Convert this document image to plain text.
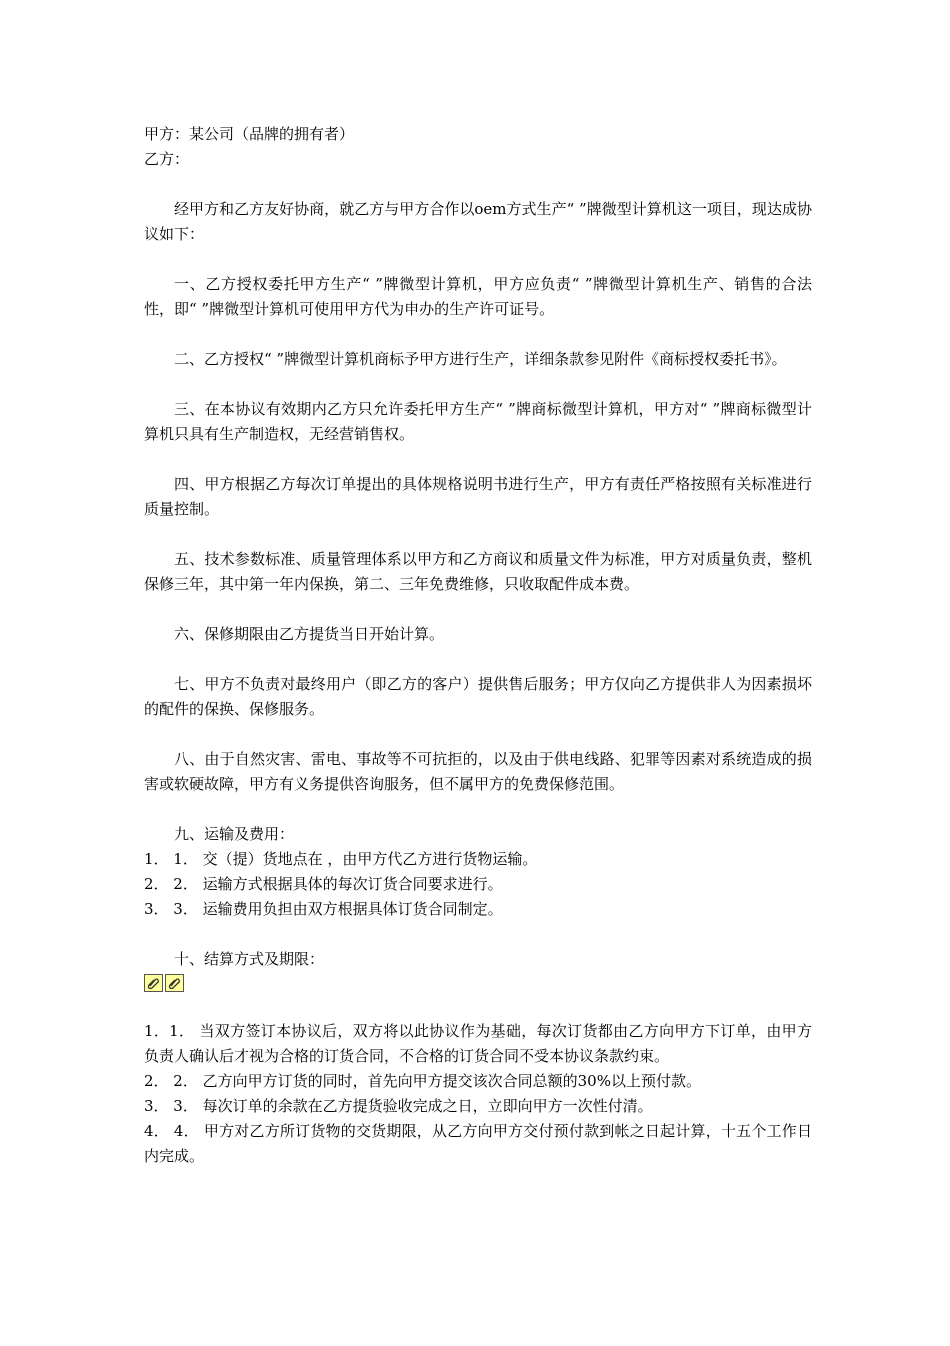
甲方：某公司（品牌的拥有者）
乙方：
经甲方和乙方友好协商，就乙方与甲方合作以oem方式生产“ ”牌微型计算机这一项目，现达成协议如下：
一、乙方授权委托甲方生产“ ”牌微型计算机，甲方应负责“ ”牌微型计算机生产、销售的合法性，即“ ”牌微型计算机可使用甲方代为申办的生产许可证号。
二、乙方授权“ ”牌微型计算机商标予甲方进行生产，详细条款参见附件《商标授权委托书》。
三、在本协议有效期内乙方只允许委托甲方生产“ ”牌商标微型计算机，甲方对“ ”牌商标微型计算机只具有生产制造权，无经营销售权。
四、甲方根据乙方每次订单提出的具体规格说明书进行生产，甲方有责任严格按照有关标准进行质量控制。
五、技术参数标准、质量管理体系以甲方和乙方商议和质量文件为标准，甲方对质量负责，整机保修三年，其中第一年内保换，第二、三年免费维修，只收取配件成本费。
六、保修期限由乙方提货当日开始计算。
七、甲方不负责对最终用户（即乙方的客户）提供售后服务；甲方仅向乙方提供非人为因素损坏的配件的保换、保修服务。
八、由于自然灾害、雷电、事故等不可抗拒的，以及由于供电线路、犯罪等因素对系统造成的损害或软硬故障，甲方有义务提供咨询服务，但不属甲方的免费保修范围。
九、运输及费用：
1． 1． 交（提）货地点在 ，由甲方代乙方进行货物运输。
2． 2． 运输方式根据具体的每次订货合同要求进行。
3． 3． 运输费用负担由双方根据具体订货合同制定。
十、结算方式及期限：
1．1． 当双方签订本协议后，双方将以此协议作为基础，每次订货都由乙方向甲方下订单，由甲方负责人确认后才视为合格的订货合同，不合格的订货合同不受本协议条款约束。
2． 2． 乙方向甲方订货的同时，首先向甲方提交该次合同总额的30%以上预付款。
3． 3． 每次订单的余款在乙方提货验收完成之日，立即向甲方一次性付清。
4． 4． 甲方对乙方所订货物的交货期限，从乙方向甲方交付预付款到帐之日起计算，十五个工作日内完成。
